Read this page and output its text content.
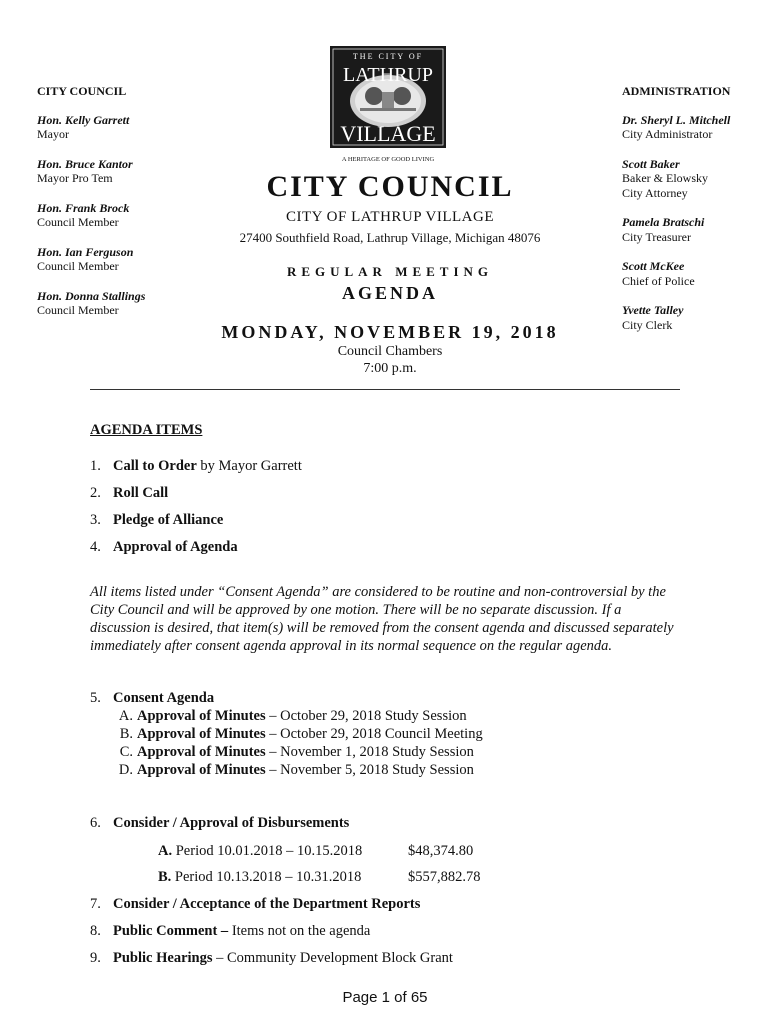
CITY COUNCIL
Hon. Kelly Garrett
Mayor
Hon. Bruce Kantor
Mayor Pro Tem
Hon. Frank Brock
Council Member
Hon. Ian Ferguson
Council Member
Hon. Donna Stallings
Council Member
ADMINISTRATION
Dr. Sheryl L. Mitchell
City Administrator
Scott Baker
Baker & Elowsky
City Attorney
Pamela Bratschi
City Treasurer
Scott McKee
Chief of Police
Yvette Talley
City Clerk
THE CITY OF
LATHRUP
VILLAGE
A HERITAGE OF GOOD LIVING
CITY COUNCIL
CITY OF LATHRUP VILLAGE
27400 Southfield Road, Lathrup Village, Michigan 48076
REGULAR MEETING
AGENDA
MONDAY, NOVEMBER 19, 2018
Council Chambers
7:00 p.m.
AGENDA ITEMS
1. Call to Order by Mayor Garrett
2. Roll Call
3. Pledge of Alliance
4. Approval of Agenda
All items listed under “Consent Agenda” are considered to be routine and non-controversial by the City Council and will be approved by one motion. There will be no separate discussion. If a discussion is desired, that item(s) will be removed from the consent agenda and discussed separately immediately after consent agenda approval in its normal sequence on the regular agenda.
5. Consent Agenda
A. Approval of Minutes – October 29, 2018 Study Session
B. Approval of Minutes – October 29, 2018 Council Meeting
C. Approval of Minutes – November 1, 2018 Study Session
D. Approval of Minutes – November 5, 2018 Study Session
6. Consider / Approval of Disbursements
A. Period 10.01.2018 – 10.15.2018	$48,374.80
B. Period 10.13.2018 – 10.31.2018	$557,882.78
7. Consider / Acceptance of the Department Reports
8. Public Comment – Items not on the agenda
9. Public Hearings – Community Development Block Grant
Page 1 of 65
